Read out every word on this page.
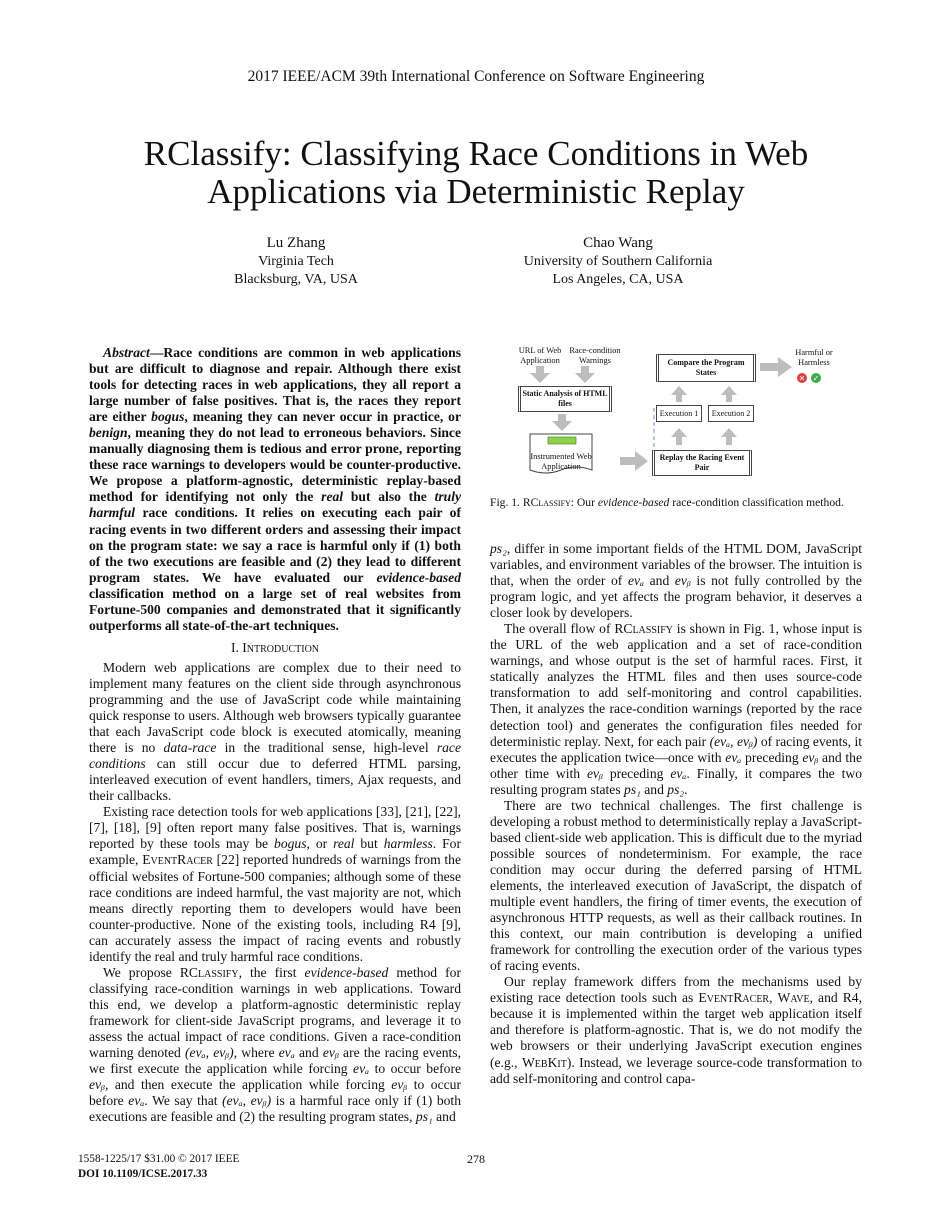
2017 IEEE/ACM 39th International Conference on Software Engineering
RClassify: Classifying Race Conditions in Web
Applications via Deterministic Replay
Lu Zhang
Virginia Tech
Blacksburg, VA, USA
Chao Wang
University of Southern California
Los Angeles, CA, USA

Abstract—Race conditions are common in web applications but are difficult to diagnose and repair. Although there exist tools for detecting races in web applications, they all report a large number of false positives. That is, the races they report are either bogus, meaning they can never occur in practice, or benign, meaning they do not lead to erroneous behaviors. Since manually diagnosing them is tedious and error prone, reporting these race warnings to developers would be counter-productive. We propose a platform-agnostic, deterministic replay-based method for identifying not only the real but also the truly harmful race conditions. It relies on executing each pair of racing events in two different orders and assessing their impact on the program state: we say a race is harmful only if (1) both of the two executions are feasible and (2) they lead to different program states. We have evaluated our evidence-based classification method on a large set of real websites from Fortune-500 companies and demonstrated that it significantly outperforms all state-of-the-art techniques.

I. Introduction

Modern web applications are complex due to their need to implement many features on the client side through asynchronous programming and the use of JavaScript code while maintaining quick response to users. Although web browsers typically guarantee that each JavaScript code block is executed atomically, meaning there is no data-race in the traditional sense, high-level race conditions can still occur due to deferred HTML parsing, interleaved execution of event handlers, timers, Ajax requests, and their callbacks.

Existing race detection tools for web applications [33], [21], [22], [7], [18], [9] often report many false positives. That is, warnings reported by these tools may be bogus, or real but harmless. For example, EventRacer [22] reported hundreds of warnings from the official websites of Fortune-500 companies; although some of these race conditions are indeed harmful, the vast majority are not, which means directly reporting them to developers would have been counter-productive. None of the existing tools, including R4 [9], can accurately assess the impact of racing events and robustly identify the real and truly harmful race conditions.

We propose RClassify, the first evidence-based method for classifying race-condition warnings in web applications. Toward this end, we develop a platform-agnostic deterministic replay framework for client-side JavaScript programs, and leverage it to assess the actual impact of race conditions. Given a race-condition warning denoted (evₐ, evᵦ), where evₐ and evᵦ are the racing events, we first execute the application while forcing evₐ to occur before evᵦ, and then execute the application while forcing evᵦ to occur before evₐ. We say that (evₐ, evᵦ) is a harmful race only if (1) both executions are feasible and (2) the resulting program states, ps₁ and

✕ ✓
URL of Web Application
Race-condition Warnings
Static Analysis of HTML files
Instrumented Web Application
Compare the Program States
Execution 1	Execution 2
Replay the Racing Event Pair
Harmful or Harmless
Fig. 1. RClassify: Our evidence-based race-condition classification method.

ps₂, differ in some important fields of the HTML DOM, JavaScript variables, and environment variables of the browser. The intuition is that, when the order of evₐ and evᵦ is not fully controlled by the program logic, and yet affects the program behavior, it deserves a closer look by developers.

The overall flow of RClassify is shown in Fig. 1, whose input is the URL of the web application and a set of race-condition warnings, and whose output is the set of harmful races. First, it statically analyzes the HTML files and then uses source-code transformation to add self-monitoring and control capabilities. Then, it analyzes the race-condition warnings (reported by the race detection tool) and generates the configuration files needed for deterministic replay. Next, for each pair (evₐ, evᵦ) of racing events, it executes the application twice—once with evₐ preceding evᵦ and the other time with evᵦ preceding evₐ. Finally, it compares the two resulting program states ps₁ and ps₂.

There are two technical challenges. The first challenge is developing a robust method to deterministically replay a JavaScript-based client-side web application. This is difficult due to the myriad possible sources of nondeterminism. For example, the race condition may occur during the deferred parsing of HTML elements, the interleaved execution of JavaScript, the dispatch of multiple event handlers, the firing of timer events, the execution of asynchronous HTTP requests, as well as their callback routines. In this context, our main contribution is developing a unified framework for controlling the execution order of the various types of racing events.

Our replay framework differs from the mechanisms used by existing race detection tools such as EventRacer, Wave, and R4, because it is implemented within the target web application itself and therefore is platform-agnostic. That is, we do not modify the web browsers or their underlying JavaScript execution engines (e.g., WebKit). Instead, we leverage source-code transformation to add self-monitoring and control capa-

1558-1225/17 $31.00 © 2017 IEEE
DOI 10.1109/ICSE.2017.33
278
